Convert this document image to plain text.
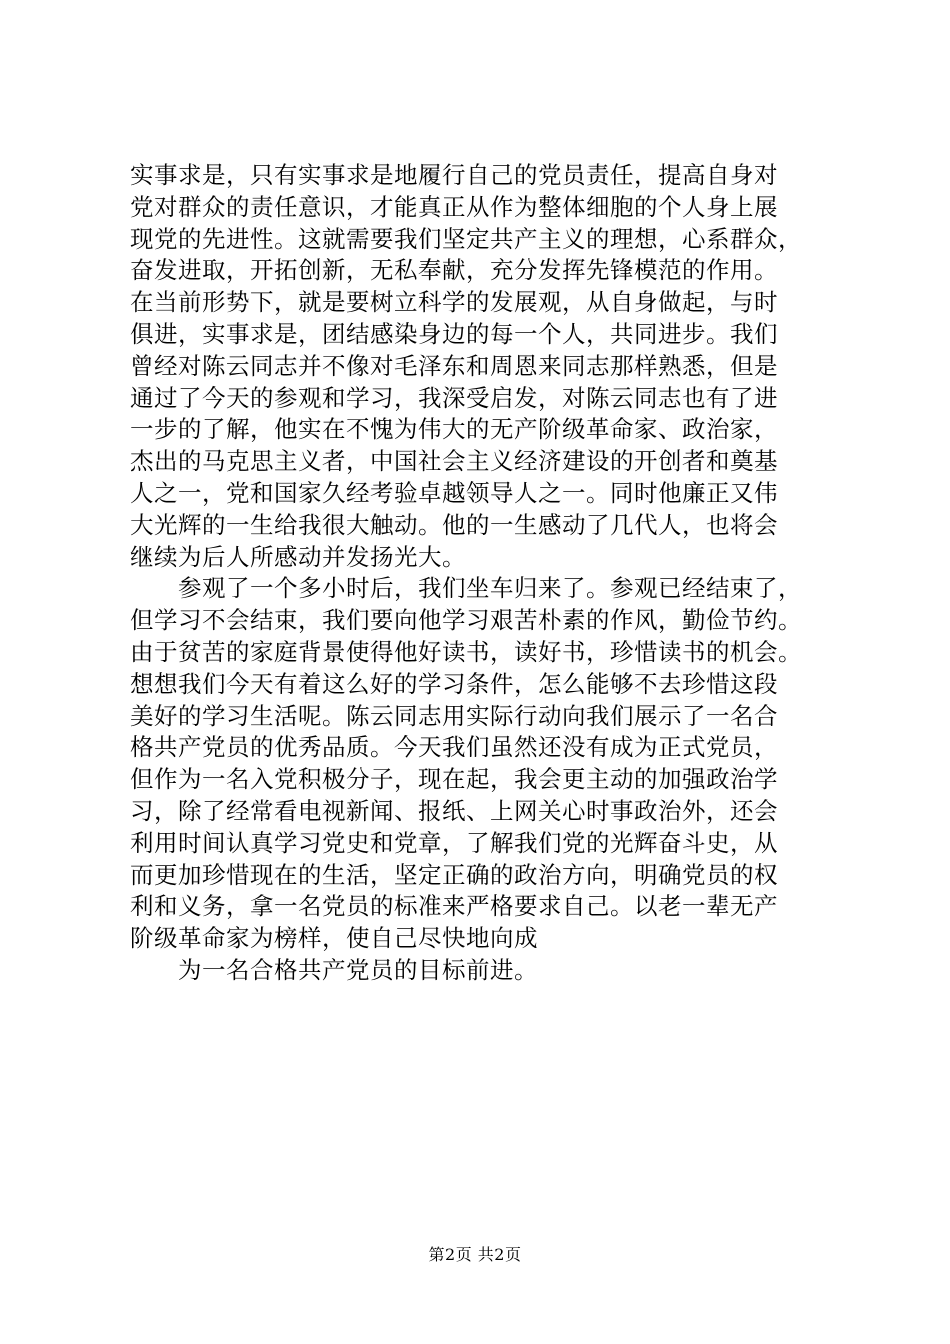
实事求是，只有实事求是地履行自己的党员责任，提高自身对
党对群众的责任意识，才能真正从作为整体细胞的个人身上展
现党的先进性。这就需要我们坚定共产主义的理想，心系群众，
奋发进取，开拓创新，无私奉献，充分发挥先锋模范的作用。
在当前形势下，就是要树立科学的发展观，从自身做起，与时
俱进，实事求是，团结感染身边的每一个人，共同进步。我们
曾经对陈云同志并不像对毛泽东和周恩来同志那样熟悉，但是
通过了今天的参观和学习，我深受启发，对陈云同志也有了进
一步的了解，他实在不愧为伟大的无产阶级革命家、政治家，
杰出的马克思主义者，中国社会主义经济建设的开创者和奠基
人之一，党和国家久经考验卓越领导人之一。同时他廉正又伟
大光辉的一生给我很大触动。他的一生感动了几代人，也将会
继续为后人所感动并发扬光大。
参观了一个多小时后，我们坐车归来了。参观已经结束了，
但学习不会结束，我们要向他学习艰苦朴素的作风，勤俭节约。
由于贫苦的家庭背景使得他好读书，读好书，珍惜读书的机会。
想想我们今天有着这么好的学习条件，怎么能够不去珍惜这段
美好的学习生活呢。陈云同志用实际行动向我们展示了一名合
格共产党员的优秀品质。今天我们虽然还没有成为正式党员，
但作为一名入党积极分子，现在起，我会更主动的加强政治学
习，除了经常看电视新闻、报纸、上网关心时事政治外，还会
利用时间认真学习党史和党章，了解我们党的光辉奋斗史，从
而更加珍惜现在的生活，坚定正确的政治方向，明确党员的权
利和义务，拿一名党员的标准来严格要求自己。以老一辈无产
阶级革命家为榜样，使自己尽快地向成
为一名合格共产党员的目标前进。
第2页 共2页
